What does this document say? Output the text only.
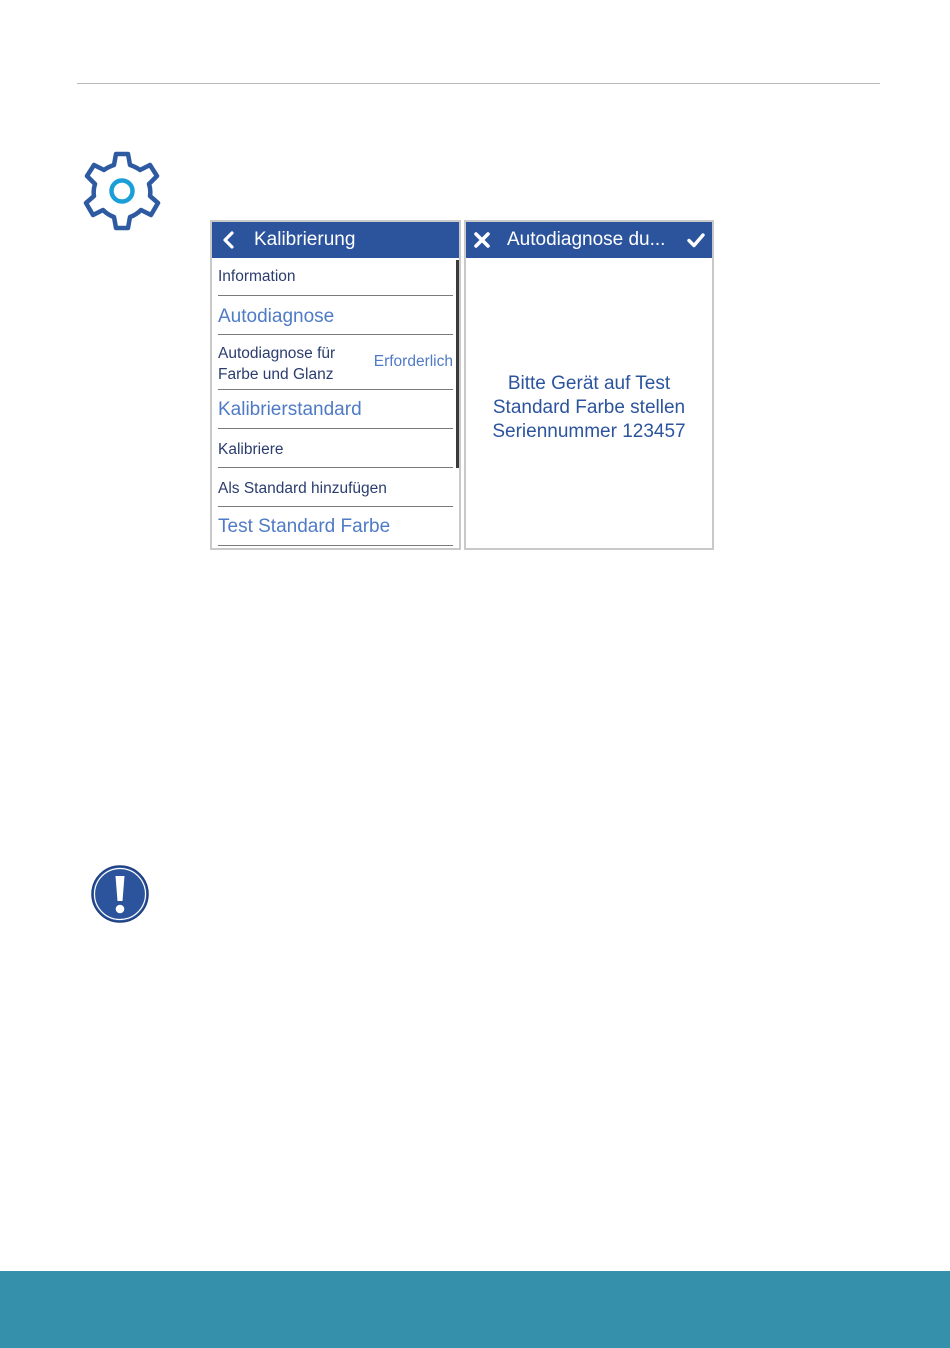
Kalibrierung
Information
Autodiagnose
Autodiagnose für
Farbe und Glanz
Erforderlich
Kalibrierstandard
Kalibriere
Als Standard hinzufügen
Test Standard Farbe
Autodiagnose du...
Bitte Gerät auf Test
Standard Farbe stellen
Seriennummer 123457
